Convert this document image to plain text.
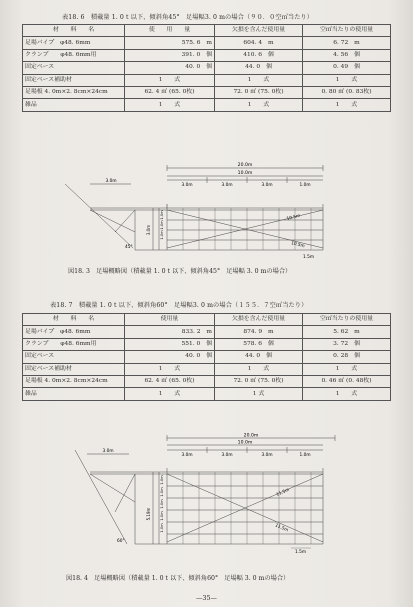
表18. 6　積載量 1. 0 t 以下、傾斜角45°　足場幅3. 0 mの場合（９０．０空㎥当たり）
材　　料　　名	使　　用　　量	欠損を含んだ使用量	空㎥当たりの使用量
足場パイプ　φ48. 6mm	575. 6　m	604. 4　m	6. 72　m
クランプ　　φ48. 6mm用	391. 0　個	410. 6　個	4. 56　個
固定ベース	40. 0　個	44. 0　個	0. 49　個
固定ベース補助材	1　　式	1　　式	1　　式
足場板 4. 0m×2. 8cm×24cm	62. 4 ㎡ (65. 0枚)	72. 0 ㎡ (75. 0枚)	0. 80 ㎡ (0. 83枚)
雑品	1　　式	1　　式	1　　式
20.0m
10.0m
3.0m	3.0m	3.0m	1.0m
3.0m
3.0m
1.0m
1.0m
1.0m
45°
10.5m
10.5m
1.5m
図18. 3　足場概略図（積載量 1. 0 t 以下、傾斜角45°　足場幅 3. 0 mの場合）
表18. 7　積載量 1. 0 t 以下、傾斜角60°　足場幅3. 0 mの場合（１５５．７空㎥当たり）
材　　料　　名	使用量	欠損を含んだ使用量	空㎥当たりの使用量
足場パイプ　φ48. 6mm	833. 2　m	874. 9　m	5. 62　m
クランプ　　φ48. 6mm用	551. 0　個	578. 6　個	3. 72　個
固定ベース	40. 0　個	44. 0　個	0. 28　個
固定ベース補助材	1　　式	1　　式	1　　式
足場板 4. 0m×2. 8cm×24cm	62. 4 ㎡ (65. 0枚)	72. 0 ㎡ (75. 0枚)	0. 46 ㎡ (0. 48枚)
雑品	1　　式	1 式	1　　式
20.0m
10.0m
3.0m	3.0m	3.0m	1.0m
3.0m
5.19m
1.0m
1.0m
1.0m
1.0m
1.0m
60°
11.5m
11.5m
1.5m
図18. 4　足場概略図（積載量 1. 0 t 以下、傾斜角60°　足場幅 3. 0 mの場合）
—35—
